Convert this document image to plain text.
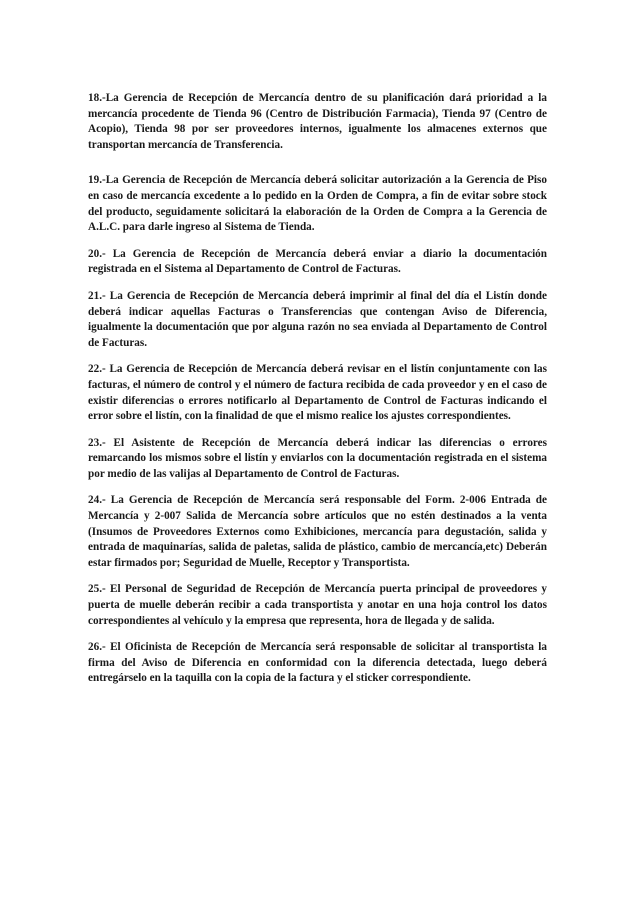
18.-La Gerencia de Recepción de Mercancía dentro de su planificación dará prioridad a la mercancía procedente de Tienda 96 (Centro de Distribución Farmacia), Tienda 97 (Centro de Acopio), Tienda 98 por ser proveedores internos, igualmente los almacenes externos que transportan mercancía de Transferencia.

19.-La Gerencia de Recepción de Mercancía deberá solicitar autorización a la Gerencia de Piso en caso de mercancía excedente a lo pedido en la Orden de Compra, a fin de evitar sobre stock del producto, seguidamente solicitará la elaboración de la Orden de Compra a la Gerencia de A.L.C. para darle ingreso al Sistema de Tienda.

20.- La Gerencia de Recepción de Mercancía deberá enviar a diario la documentación registrada en el Sistema al Departamento de Control de Facturas.

21.- La Gerencia de Recepción de Mercancía deberá imprimir al final del día el Listín donde deberá indicar aquellas Facturas o Transferencias que contengan Aviso de Diferencia, igualmente la documentación que por alguna razón no sea enviada al Departamento de Control de Facturas.

22.- La Gerencia de Recepción de Mercancía deberá revisar en el listín conjuntamente con las facturas, el número de control y el número de factura recibida de cada proveedor y en el caso de existir diferencias o errores notificarlo al Departamento de Control de Facturas indicando el error sobre el listín, con la finalidad de que el mismo realice los ajustes correspondientes.

23.- El Asistente de Recepción de Mercancía deberá indicar las diferencias o errores remarcando los mismos sobre el listín y enviarlos con la documentación registrada en el sistema por medio de las valijas al Departamento de Control de Facturas.

24.- La Gerencia de Recepción de Mercancía será responsable del Form. 2-006 Entrada de Mercancía y 2-007 Salida de Mercancía sobre artículos que no estén destinados a la venta (Insumos de Proveedores Externos como Exhibiciones, mercancía para degustación, salida y entrada de maquinarías, salida de paletas, salida de plástico, cambio de mercancía,etc) Deberán estar firmados por; Seguridad de Muelle, Receptor y Transportista.

25.- El Personal de Seguridad de Recepción de Mercancía puerta principal de proveedores y puerta de muelle deberán recibir a cada transportista y anotar en una hoja control los datos correspondientes al vehículo y la empresa que representa, hora de llegada y de salida.

26.- El Oficinista de Recepción de Mercancía será responsable de solicitar al transportista la firma del Aviso de Diferencia en conformidad con la diferencia detectada, luego deberá entregárselo en la taquilla con la copia de la factura y el sticker correspondiente.
